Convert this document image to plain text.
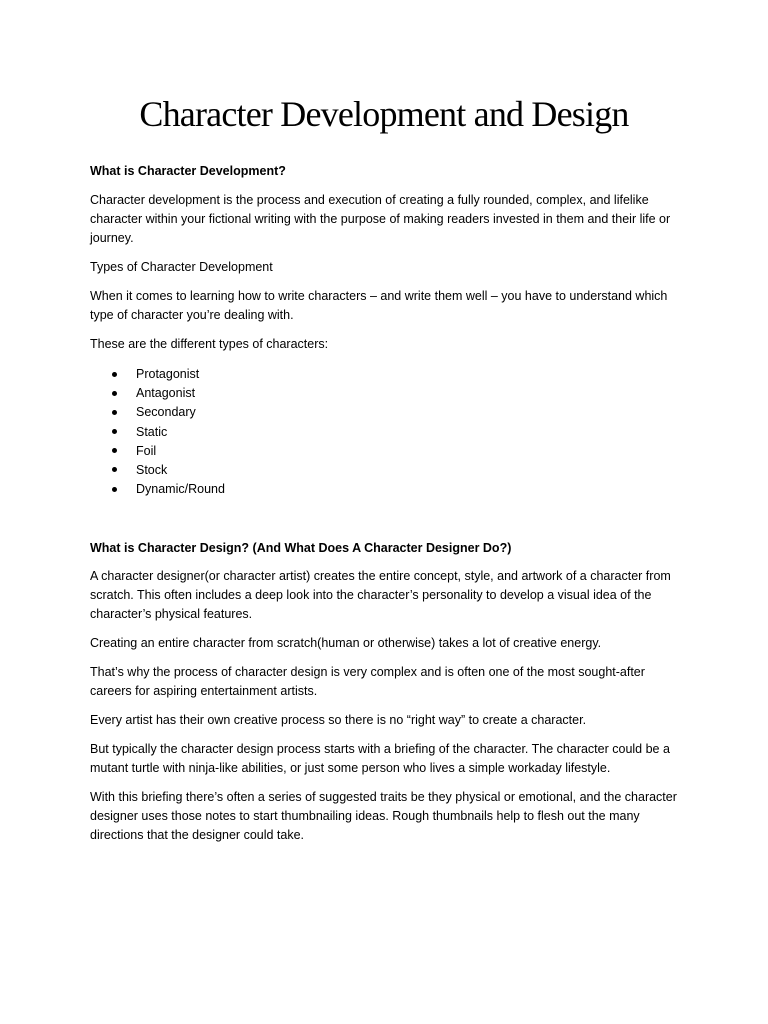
Character Development and Design

What is Character Development?

Character development is the process and execution of creating a fully rounded, complex, and lifelike character within your fictional writing with the purpose of making readers invested in them and their life or journey.

Types of Character Development

When it comes to learning how to write characters – and write them well – you have to understand which type of character you’re dealing with.

These are the different types of characters:

Protagonist
Antagonist
Secondary
Static
Foil
Stock
Dynamic/Round

What is Character Design? (And What Does A Character Designer Do?)

A character designer(or character artist) creates the entire concept, style, and artwork of a character from scratch. This often includes a deep look into the character’s personality to develop a visual idea of the character’s physical features.

Creating an entire character from scratch(human or otherwise) takes a lot of creative energy.

That’s why the process of character design is very complex and is often one of the most sought-after careers for aspiring entertainment artists.

Every artist has their own creative process so there is no “right way” to create a character.

But typically the character design process starts with a briefing of the character. The character could be a mutant turtle with ninja-like abilities, or just some person who lives a simple workaday lifestyle.

With this briefing there’s often a series of suggested traits be they physical or emotional, and the character designer uses those notes to start thumbnailing ideas. Rough thumbnails help to flesh out the many directions that the designer could take.
